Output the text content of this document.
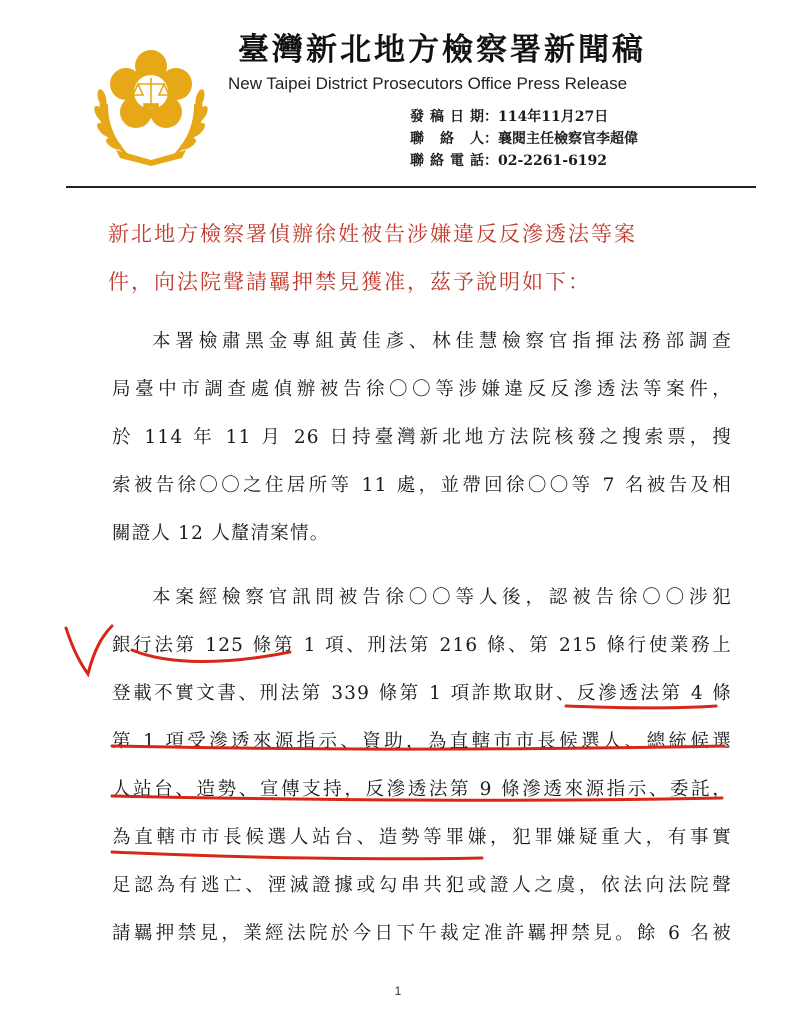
臺灣新北地方檢察署新聞稿
New Taipei District Prosecutors Office Press Release
發稿日期：114年11月27日
聯絡人：襄閱主任檢察官李超偉
聯絡電話：02-2261-6192
新北地方檢察署偵辦徐姓被告涉嫌違反反滲透法等案
件，向法院聲請羈押禁見獲准，茲予說明如下：
本署檢肅黑金專組黃佳彥、林佳慧檢察官指揮法務部調查
局臺中市調查處偵辦被告徐〇〇等涉嫌違反反滲透法等案件，
於 114 年 11 月 26 日持臺灣新北地方法院核發之搜索票，搜
索被告徐〇〇之住居所等 11 處，並帶回徐〇〇等 7 名被告及相
關證人 12 人釐清案情。
本案經檢察官訊問被告徐〇〇等人後，認被告徐〇〇涉犯
銀行法第 125 條第 1 項、刑法第 216 條、第 215 條行使業務上
登載不實文書、刑法第 339 條第 1 項詐欺取財、反滲透法第 4 條
第 1 項受滲透來源指示、資助，為直轄市市長候選人、總統候選
人站台、造勢、宣傳支持，反滲透法第 9 條滲透來源指示、委託，
為直轄市市長候選人站台、造勢等罪嫌，犯罪嫌疑重大，有事實
足認為有逃亡、湮滅證據或勾串共犯或證人之虞，依法向法院聲
請羈押禁見，業經法院於今日下午裁定准許羈押禁見。餘 6 名被
1
